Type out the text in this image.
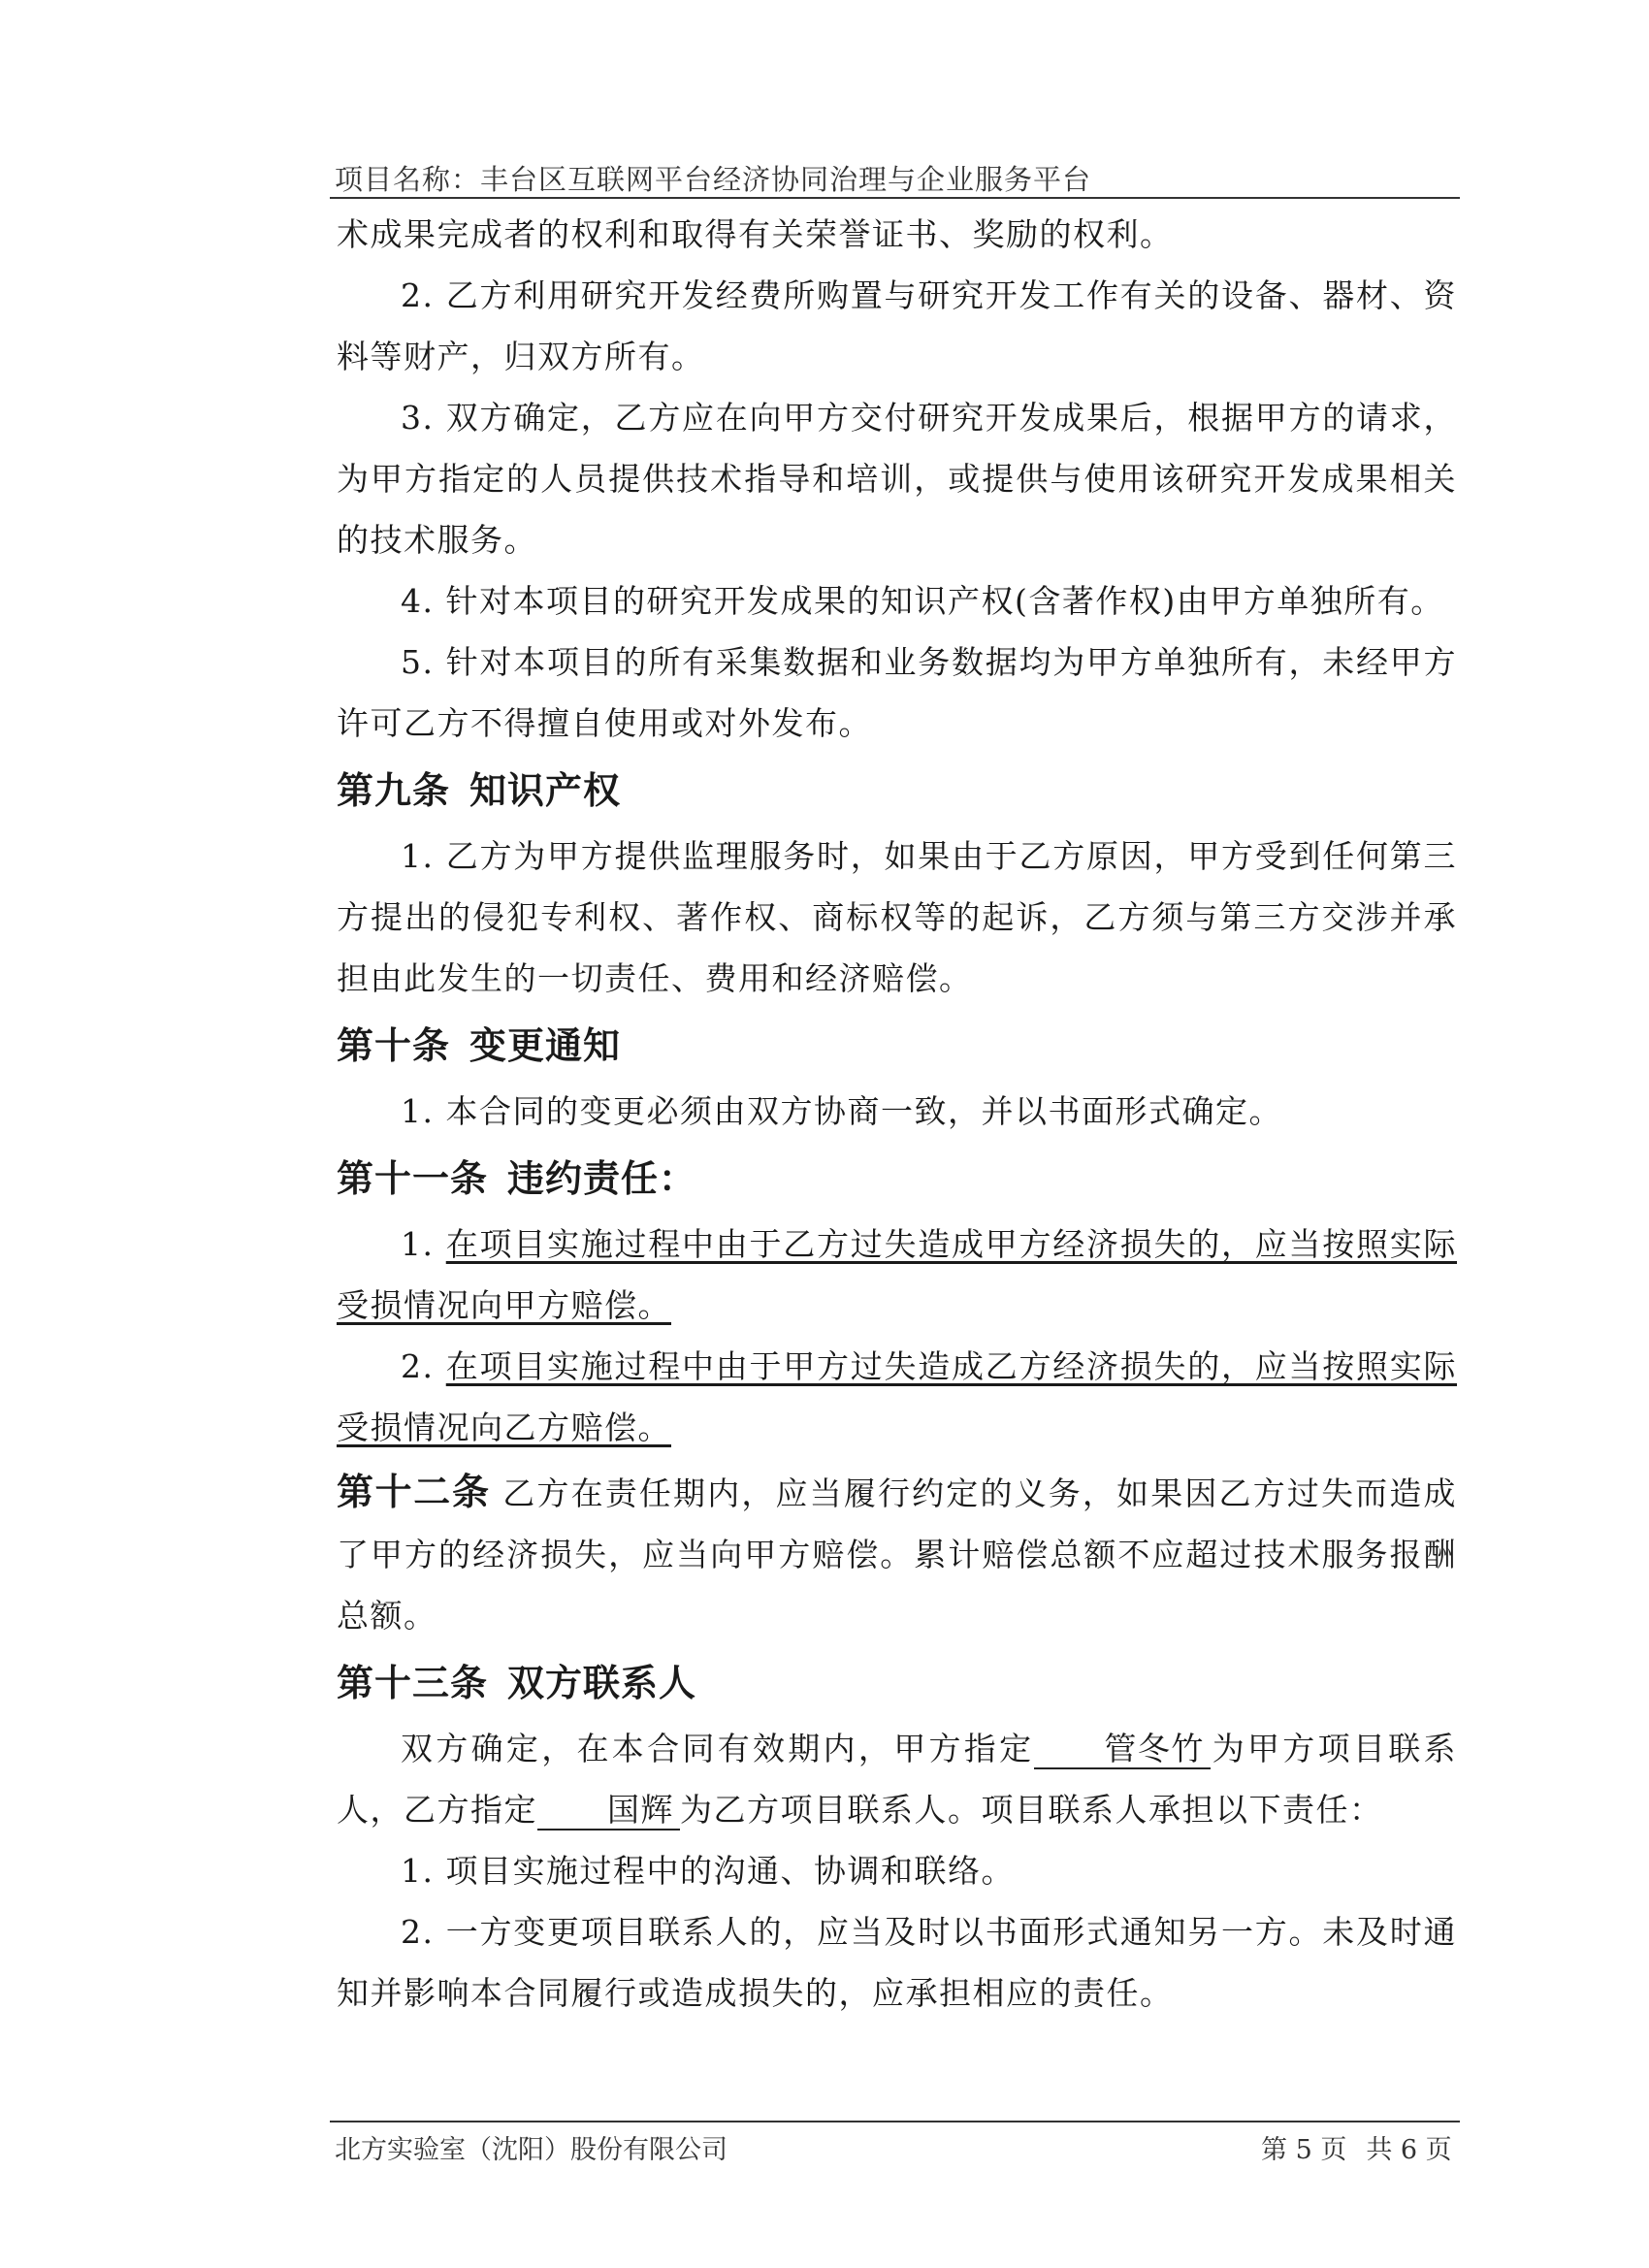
项目名称：丰台区互联网平台经济协同治理与企业服务平台

术成果完成者的权利和取得有关荣誉证书、奖励的权利。

2. 乙方利用研究开发经费所购置与研究开发工作有关的设备、器材、资料等财产，归双方所有。

3. 双方确定，乙方应在向甲方交付研究开发成果后，根据甲方的请求，为甲方指定的人员提供技术指导和培训，或提供与使用该研究开发成果相关的技术服务。

4. 针对本项目的研究开发成果的知识产权(含著作权)由甲方单独所有。

5. 针对本项目的所有采集数据和业务数据均为甲方单独所有，未经甲方许可乙方不得擅自使用或对外发布。

第九条 知识产权

1. 乙方为甲方提供监理服务时，如果由于乙方原因，甲方受到任何第三方提出的侵犯专利权、著作权、商标权等的起诉，乙方须与第三方交涉并承担由此发生的一切责任、费用和经济赔偿。

第十条 变更通知

1. 本合同的变更必须由双方协商一致，并以书面形式确定。

第十一条 违约责任：

1. 在项目实施过程中由于乙方过失造成甲方经济损失的，应当按照实际受损情况向甲方赔偿。

2. 在项目实施过程中由于甲方过失造成乙方经济损失的，应当按照实际受损情况向乙方赔偿。

第十二条 乙方在责任期内，应当履行约定的义务，如果因乙方过失而造成了甲方的经济损失，应当向甲方赔偿。累计赔偿总额不应超过技术服务报酬总额。

第十三条 双方联系人

双方确定，在本合同有效期内，甲方指定 管冬竹 为甲方项目联系人，乙方指定 国辉 为乙方项目联系人。项目联系人承担以下责任：

1. 项目实施过程中的沟通、协调和联络。

2. 一方变更项目联系人的，应当及时以书面形式通知另一方。未及时通知并影响本合同履行或造成损失的，应承担相应的责任。

北方实验室（沈阳）股份有限公司	第 5 页 共 6 页
